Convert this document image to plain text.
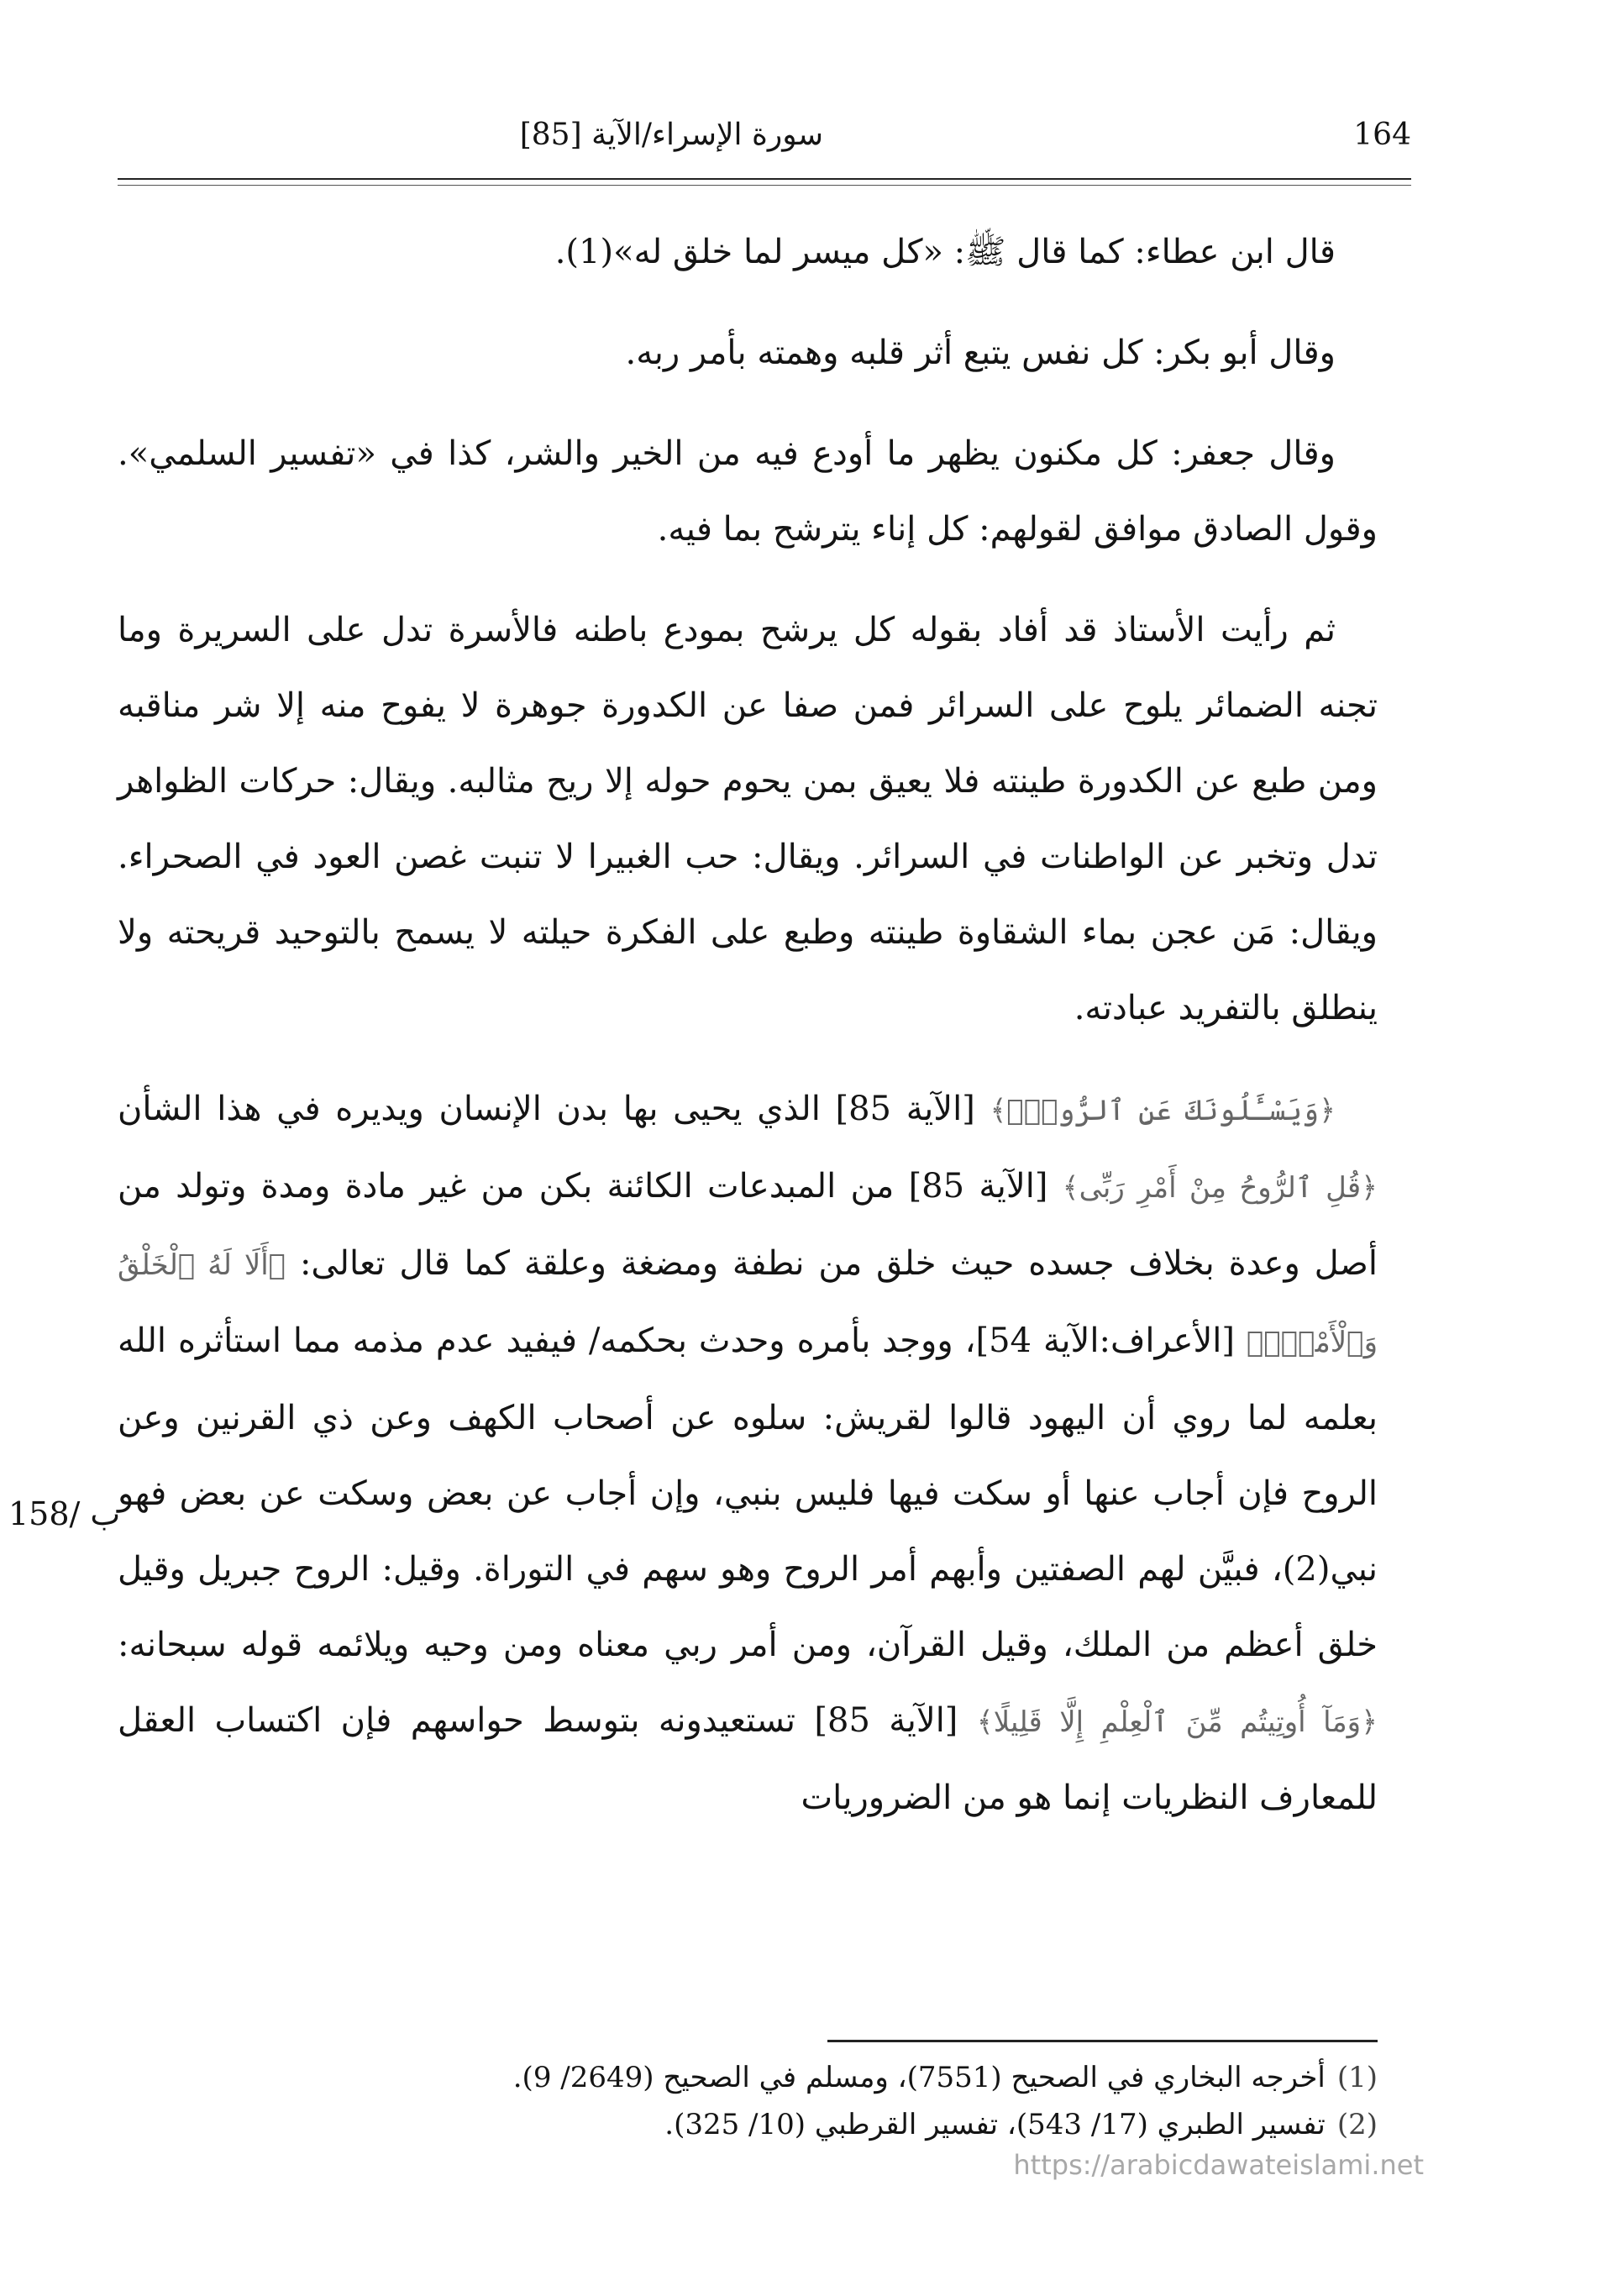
سورة الإسراء/الآية [85]	164

قال ابن عطاء: كما قال ﷺ: «كل ميسر لما خلق له»(1).

وقال أبو بكر: كل نفس يتبع أثر قلبه وهمته بأمر ربه.

وقال جعفر: كل مكنون يظهر ما أودع فيه من الخير والشر، كذا في «تفسير السلمي». وقول الصادق موافق لقولهم: كل إناء يترشح بما فيه.

ثم رأيت الأستاذ قد أفاد بقوله كل يرشح بمودع باطنه فالأسرة تدل على السريرة وما تجنه الضمائر يلوح على السرائر فمن صفا عن الكدورة جوهرة لا يفوح منه إلا شر مناقبه ومن طبع عن الكدورة طينته فلا يعيق بمن يحوم حوله إلا ريح مثالبه. ويقال: حركات الظواهر تدل وتخبر عن الواطنات في السرائر. ويقال: حب الغبيرا لا تنبت غصن العود في الصحراء. ويقال: مَن عجن بماء الشقاوة طينته وطبع على الفكرة حيلته لا يسمح بالتوحيد قريحته ولا ينطلق بالتفريد عبادته.

﴿وَيَسْـَٔلُونَكَ عَنِ ٱلرُّوحِۖ﴾ [الآية 85] الذي يحيى بها بدن الإنسان ويديره في هذا الشأن ﴿قُلِ ٱلرُّوحُ مِنْ أَمْرِ رَبِّى﴾ [الآية 85] من المبدعات الكائنة بكن من غير مادة ومدة وتولد من أصل وعدة بخلاف جسده حيث خلق من نطفة ومضغة وعلقة كما قال تعالى: ﴿أَلَا لَهُ ٱلْخَلْقُ وَٱلْأَمْرُۗ﴾ [الأعراف:الآية 54]، ووجد بأمره وحدث بحكمه/ فيفيد عدم مذمه مما استأثره الله بعلمه لما روي أن اليهود قالوا لقريش: سلوه عن أصحاب الكهف وعن ذي القرنين وعن الروح فإن أجاب عنها أو سكت فيها فليس بنبي، وإن أجاب عن بعض وسكت عن بعض فهو نبي(2)، فبيَّن لهم الصفتين وأبهم أمر الروح وهو سهم في التوراة. وقيل: الروح جبريل وقيل خلق أعظم من الملك، وقيل القرآن، ومن أمر ربي معناه ومن وحيه ويلائمه قوله سبحانه: ﴿وَمَآ أُوتِيتُم مِّنَ ٱلْعِلْمِ إِلَّا قَلِيلًا﴾ [الآية 85] تستعيدونه بتوسط حواسهم فإن اكتساب العقل للمعارف النظريات إنما هو من الضروريات

158/ ب
(1)أخرجه البخاري في الصحيح (7551)، ومسلم في الصحيح (2649/ 9).
(2)تفسير الطبري (17/ 543)، تفسير القرطبي (10/ 325).
https://arabicdawateislami.net
